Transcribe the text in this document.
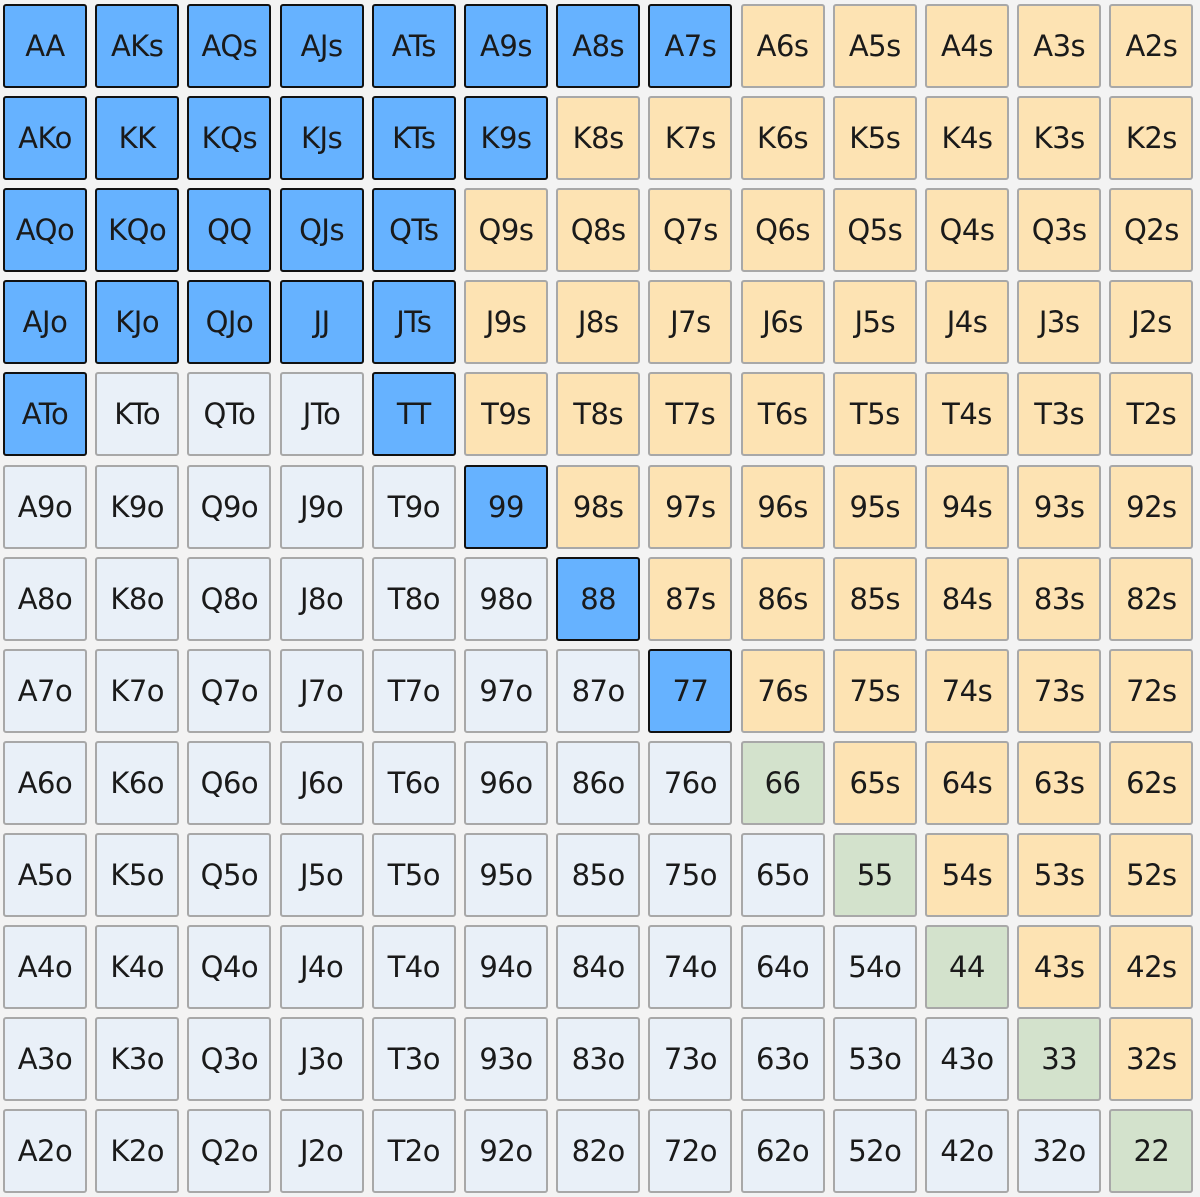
AA AKs AQs AJs ATs A9s A8s A7s A6s A5s A4s A3s A2s
AKo KK KQs KJs KTs K9s K8s K7s K6s K5s K4s K3s K2s
AQo KQo QQ QJs QTs Q9s Q8s Q7s Q6s Q5s Q4s Q3s Q2s
AJo KJo QJo JJ JTs J9s J8s J7s J6s J5s J4s J3s J2s
ATo KTo QTo JTo TT T9s T8s T7s T6s T5s T4s T3s T2s
A9o K9o Q9o J9o T9o 99 98s 97s 96s 95s 94s 93s 92s
A8o K8o Q8o J8o T8o 98o 88 87s 86s 85s 84s 83s 82s
A7o K7o Q7o J7o T7o 97o 87o 77 76s 75s 74s 73s 72s
A6o K6o Q6o J6o T6o 96o 86o 76o 66 65s 64s 63s 62s
A5o K5o Q5o J5o T5o 95o 85o 75o 65o 55 54s 53s 52s
A4o K4o Q4o J4o T4o 94o 84o 74o 64o 54o 44 43s 42s
A3o K3o Q3o J3o T3o 93o 83o 73o 63o 53o 43o 33 32s
A2o K2o Q2o J2o T2o 92o 82o 72o 62o 52o 42o 32o 22
